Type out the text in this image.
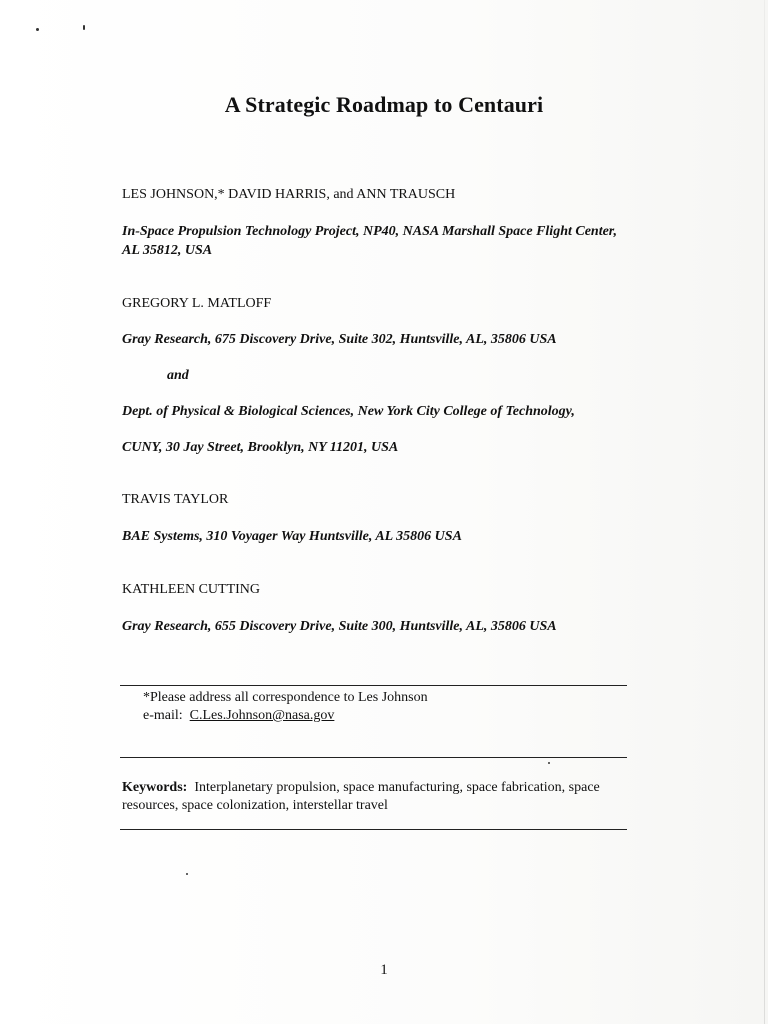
A Strategic Roadmap to Centauri
LES JOHNSON,* DAVID HARRIS, and ANN TRAUSCH
In-Space Propulsion Technology Project, NP40, NASA Marshall Space Flight Center,
AL 35812, USA
GREGORY L. MATLOFF
Gray Research, 675 Discovery Drive, Suite 302, Huntsville, AL, 35806 USA
and
Dept. of Physical & Biological Sciences, New York City College of Technology,
CUNY, 30 Jay Street, Brooklyn, NY 11201, USA
TRAVIS TAYLOR
BAE Systems, 310 Voyager Way Huntsville, AL 35806 USA
KATHLEEN CUTTING
Gray Research, 655 Discovery Drive, Suite 300, Huntsville, AL, 35806 USA
*Please address all correspondence to Les Johnson
e-mail: C.Les.Johnson@nasa.gov
Keywords: Interplanetary propulsion, space manufacturing, space fabrication, space
resources, space colonization, interstellar travel
1
